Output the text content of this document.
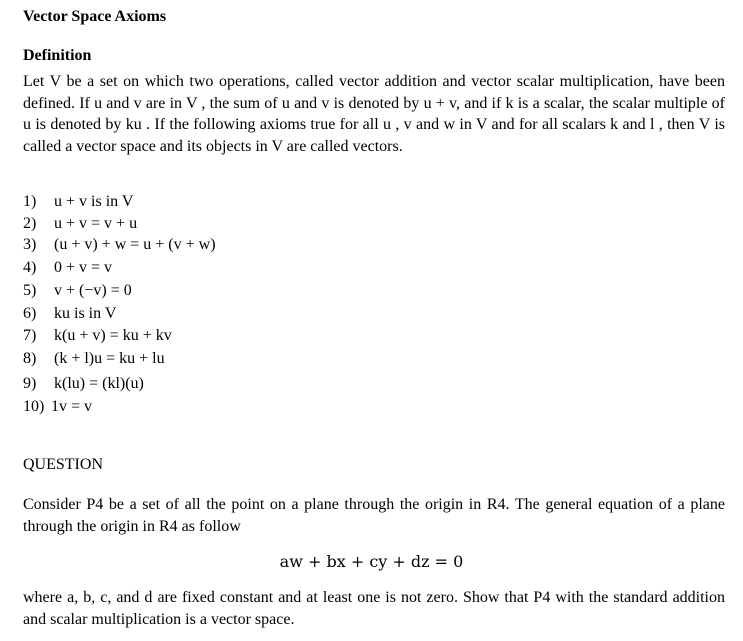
Vector Space Axioms
Definition
Let V be a set on which two operations, called vector addition and vector scalar multiplication, have been defined. If u and v are in V , the sum of u and v is denoted by u + v, and if k is a scalar, the scalar multiple of u is denoted by ku . If the following axioms true for all u , v and w in V and for all scalars k and l , then V is called a vector space and its objects in V are called vectors.
1) u + v is in V
2) u + v = v + u
3) (u + v) + w = u + (v + w)
4) 0 + v = v
5) v + (−v) = 0
6) ku is in V
7) k(u + v) = ku + kv
8) (k + l)u = ku + lu
9) k(lu) = (kl)(u)
10) 1v = v
QUESTION
Consider P4 be a set of all the point on a plane through the origin in R4. The general equation of a plane through the origin in R4 as follow
aw + bx + cy + dz = 0
where a, b, c, and d are fixed constant and at least one is not zero. Show that P4 with the standard addition and scalar multiplication is a vector space.
